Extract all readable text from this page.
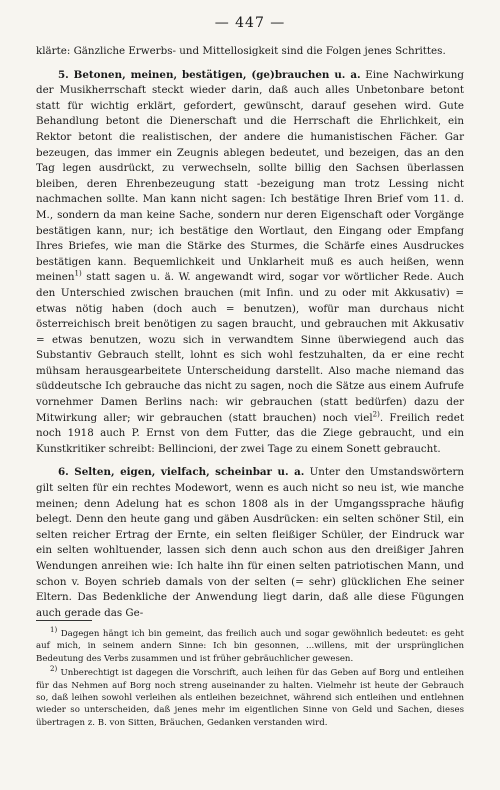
— 447 —

klärte: Gänzliche Erwerbs- und Mittellosigkeit sind die Folgen jenes Schrittes.

5. Betonen, meinen, bestätigen, (ge)brauchen u. a. Eine Nachwirkung der Musikherrschaft steckt wieder darin, daß auch alles Unbetonbare betont statt für wichtig erklärt, gefordert, gewünscht, darauf gesehen wird. Gute Behandlung betont die Dienerschaft und die Herrschaft die Ehrlichkeit, ein Rektor betont die realistischen, der andere die humanistischen Fächer. Gar bezeugen, das immer ein Zeugnis ablegen bedeutet, und bezeigen, das an den Tag legen ausdrückt, zu verwechseln, sollte billig den Sachsen überlassen bleiben, deren Ehrenbezeugung statt -bezeigung man trotz Lessing nicht nachmachen sollte. Man kann nicht sagen: Ich bestätige Ihren Brief vom 11. d. M., sondern da man keine Sache, sondern nur deren Eigenschaft oder Vorgänge bestätigen kann, nur; ich bestätige den Wortlaut, den Eingang oder Empfang Ihres Briefes, wie man die Stärke des Sturmes, die Schärfe eines Ausdruckes bestätigen kann. Bequemlichkeit und Unklarheit muß es auch heißen, wenn meinen$^{1)}$ statt sagen u. ä. W. angewandt wird, sogar vor wörtlicher Rede. Auch den Unterschied zwischen brauchen (mit Infin. und zu oder mit Akkusativ) = etwas nötig haben (doch auch = benutzen), wofür man durchaus nicht österreichisch breit benötigen zu sagen braucht, und gebrauchen mit Akkusativ = etwas benutzen, wozu sich in verwandtem Sinne überwiegend auch das Substantiv Gebrauch stellt, lohnt es sich wohl festzuhalten, da er eine recht mühsam herausgearbeitete Unterscheidung darstellt. Also mache niemand das süddeutsche Ich gebrauche das nicht zu sagen, noch die Sätze aus einem Aufrufe vornehmer Damen Berlins nach: wir gebrauchen (statt bedürfen) dazu der Mitwirkung aller; wir gebrauchen (statt brauchen) noch viel$^{2)}$. Freilich redet noch 1918 auch P. Ernst von dem Futter, das die Ziege gebraucht, und ein Kunstkritiker schreibt: Bellincioni, der zwei Tage zu einem Sonett gebraucht.

6. Selten, eigen, vielfach, scheinbar u. a. Unter den Umstandswörtern gilt selten für ein rechtes Modewort, wenn es auch nicht so neu ist, wie manche meinen; denn Adelung hat es schon 1808 als in der Umgangssprache häufig belegt. Denn den heute gang und gäben Ausdrücken: ein selten schöner Stil, ein selten reicher Ertrag der Ernte, ein selten fleißiger Schüler, der Eindruck war ein selten wohltuender, lassen sich denn auch schon aus den dreißiger Jahren Wendungen anreihen wie: Ich halte ihn für einen selten patriotischen Mann, und schon v. Boyen schrieb damals von der selten (= sehr) glücklichen Ehe seiner Eltern. Das Bedenkliche der Anwendung liegt darin, daß alle diese Fügungen auch gerade das Ge-

$^{1)}$ Dagegen hängt ich bin gemeint, das freilich auch und sogar gewöhnlich bedeutet: es geht auf mich, in seinem andern Sinne: Ich bin gesonnen, ...willens, mit der ursprünglichen Bedeutung des Verbs zusammen und ist früher gebräuchlicher gewesen.

$^{2)}$ Unberechtigt ist dagegen die Vorschrift, auch leihen für das Geben auf Borg und entleihen für das Nehmen auf Borg noch streng auseinander zu halten. Vielmehr ist heute der Gebrauch so, daß leihen sowohl verleihen als entleihen bezeichnet, während sich entleihen und entlehnen wieder so unterscheiden, daß jenes mehr im eigentlichen Sinne von Geld und Sachen, dieses übertragen z. B. von Sitten, Bräuchen, Gedanken verstanden wird.
